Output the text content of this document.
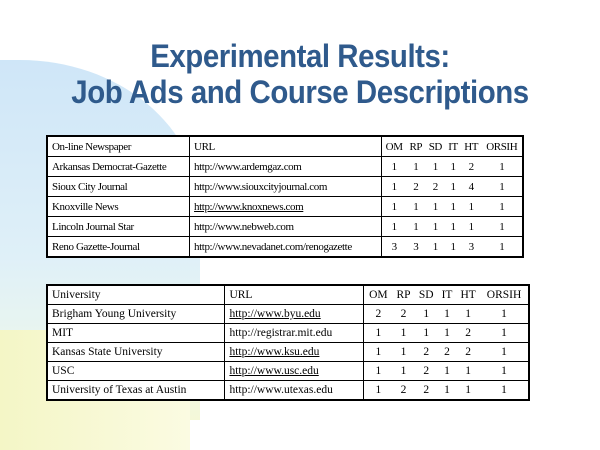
Experimental Results:
Job Ads and Course Descriptions
On-line Newspaper	URL	OM	RP	SD	IT	HT	ORSIH
Arkansas Democrat-Gazette	http://www.ardemgaz.com	1	1	1	1	2	1
Sioux City Journal	http://www.siouxcityjournal.com	1	2	2	1	4	1
Knoxville News	http://www.knoxnews.com	1	1	1	1	1	1
Lincoln Journal Star	http://www.nebweb.com	1	1	1	1	1	1
Reno Gazette-Journal	http://www.nevadanet.com/renogazette	3	3	1	1	3	1
University	URL	OM	RP	SD	IT	HT	ORSIH
Brigham Young University	http://www.byu.edu	2	2	1	1	1	1
MIT	http://registrar.mit.edu	1	1	1	1	2	1
Kansas State University	http://www.ksu.edu	1	1	2	2	2	1
USC	http://www.usc.edu	1	1	2	1	1	1
University of Texas at Austin	http://www.utexas.edu	1	2	2	1	1	1
